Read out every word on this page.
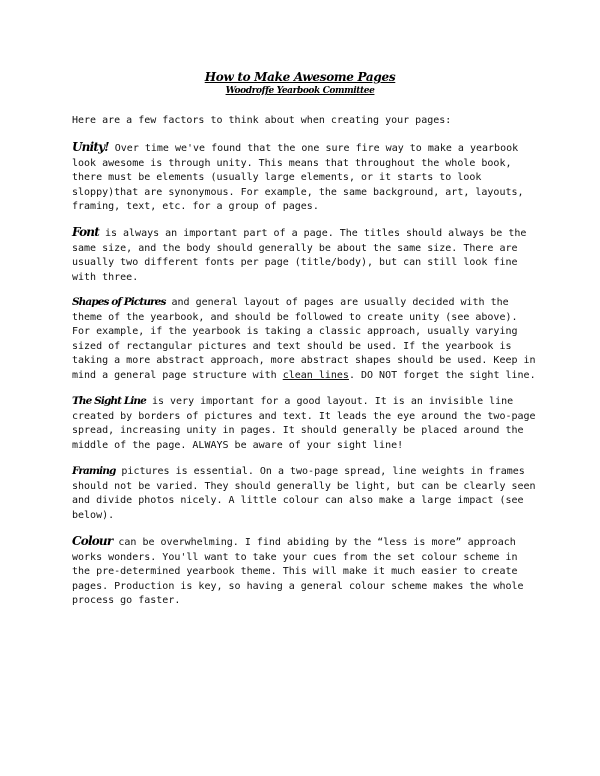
How to Make Awesome Pages
Woodroffe Yearbook Committee
Here are a few factors to think about when creating your pages:
Unity! Over time we've found that the one sure fire way to make a yearbook
look awesome is through unity. This means that throughout the whole book,
there must be elements (usually large elements, or it starts to look
sloppy)that are synonymous. For example, the same background, art, layouts,
framing, text, etc. for a group of pages.
Font is always an important part of a page. The titles should always be the
same size, and the body should generally be about the same size. There are
usually two different fonts per page (title/body), but can still look fine
with three.
Shapes of Pictures and general layout of pages are usually decided with the
theme of the yearbook, and should be followed to create unity (see above).
For example, if the yearbook is taking a classic approach, usually varying
sized of rectangular pictures and text should be used. If the yearbook is
taking a more abstract approach, more abstract shapes should be used. Keep in
mind a general page structure with clean lines. DO NOT forget the sight line.
The Sight Line is very important for a good layout. It is an invisible line
created by borders of pictures and text. It leads the eye around the two-page
spread, increasing unity in pages. It should generally be placed around the
middle of the page. ALWAYS be aware of your sight line!
Framing pictures is essential. On a two-page spread, line weights in frames
should not be varied. They should generally be light, but can be clearly seen
and divide photos nicely. A little colour can also make a large impact (see
below).
Colour can be overwhelming. I find abiding by the “less is more” approach
works wonders. You'll want to take your cues from the set colour scheme in
the pre-determined yearbook theme. This will make it much easier to create
pages. Production is key, so having a general colour scheme makes the whole
process go faster.
